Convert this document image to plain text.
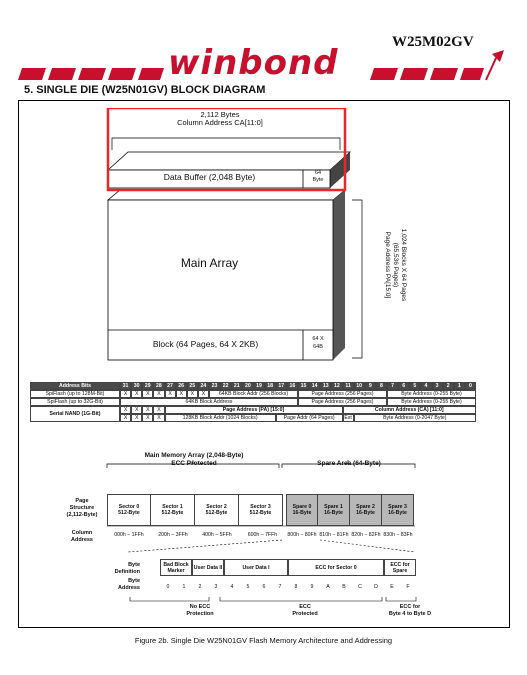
W25M02GV
winbond
5. SINGLE DIE (W25N01GV) BLOCK DIAGRAM
2,112 Bytes
Column Address CA[11:0]
Data Buffer (2,048 Byte)	64
Byte
Main Array
Block (64 Pages, 64 X 2KB)	64 X
64B
1,024 Blocks X 64 Pages
(65,536 Pages)
Page Address PA[15:0]
Address Bits	31	30	29	28	27	26	25	24	23	22	21	20	19	18	17	16	15	14	13	12	11	10	9	8	7	6	5	4	3	2	1	0
SpiFlash (up to 128M-Bit)	X	X	X	X	X	X	X	X	64KB Block Addr (256 Blocks)	Page Address (256 Pages)	Byte Address (0-255 Byte)
SpiFlash (up to 32G-Bit)	64KB Block Address	Page Address (256 Pages)	Byte Address (0-255 Byte)
Serial NAND (1G-Bit)
X	X	X	X	Page Address (PA) [15:0]	Column Address (CA) [11:0]
X	X	X	X	128KB Block Addr (1024 Blocks)	Page Addr (64 Pages)	Ext	Byte Address (0-2047 Byte)
Main Memory Array (2,048-Byte)
ECC Protected	Spare Area (64-Byte)
Page
Structure
(2,112-Byte)
Sector 0
512-Byte
Sector 1
512-Byte
Sector 2
512-Byte
Sector 3
512-Byte
Spare 0
16-Byte
Spare 1
16-Byte
Spare 2
16-Byte
Spare 3
16-Byte
Column
Address
000h – 1FFh	200h – 3FFh	400h – 5FFh	600h – 7FFh	800h – 80Fh 810h – 81Fh 820h – 82Fh 830h – 83Fh
Byte
Definition
Bad Block Marker	User Data II	User Data I	ECC for Sector 0	ECC for Spare
Byte
Address	0	1	2	3	4	5	6	7	8	9	A	B	C	D	E	F
No ECC
Protection
ECC
Protected
ECC for
Byte 4 to Byte D
Figure 2b. Single Die W25N01GV Flash Memory Architecture and Addressing
